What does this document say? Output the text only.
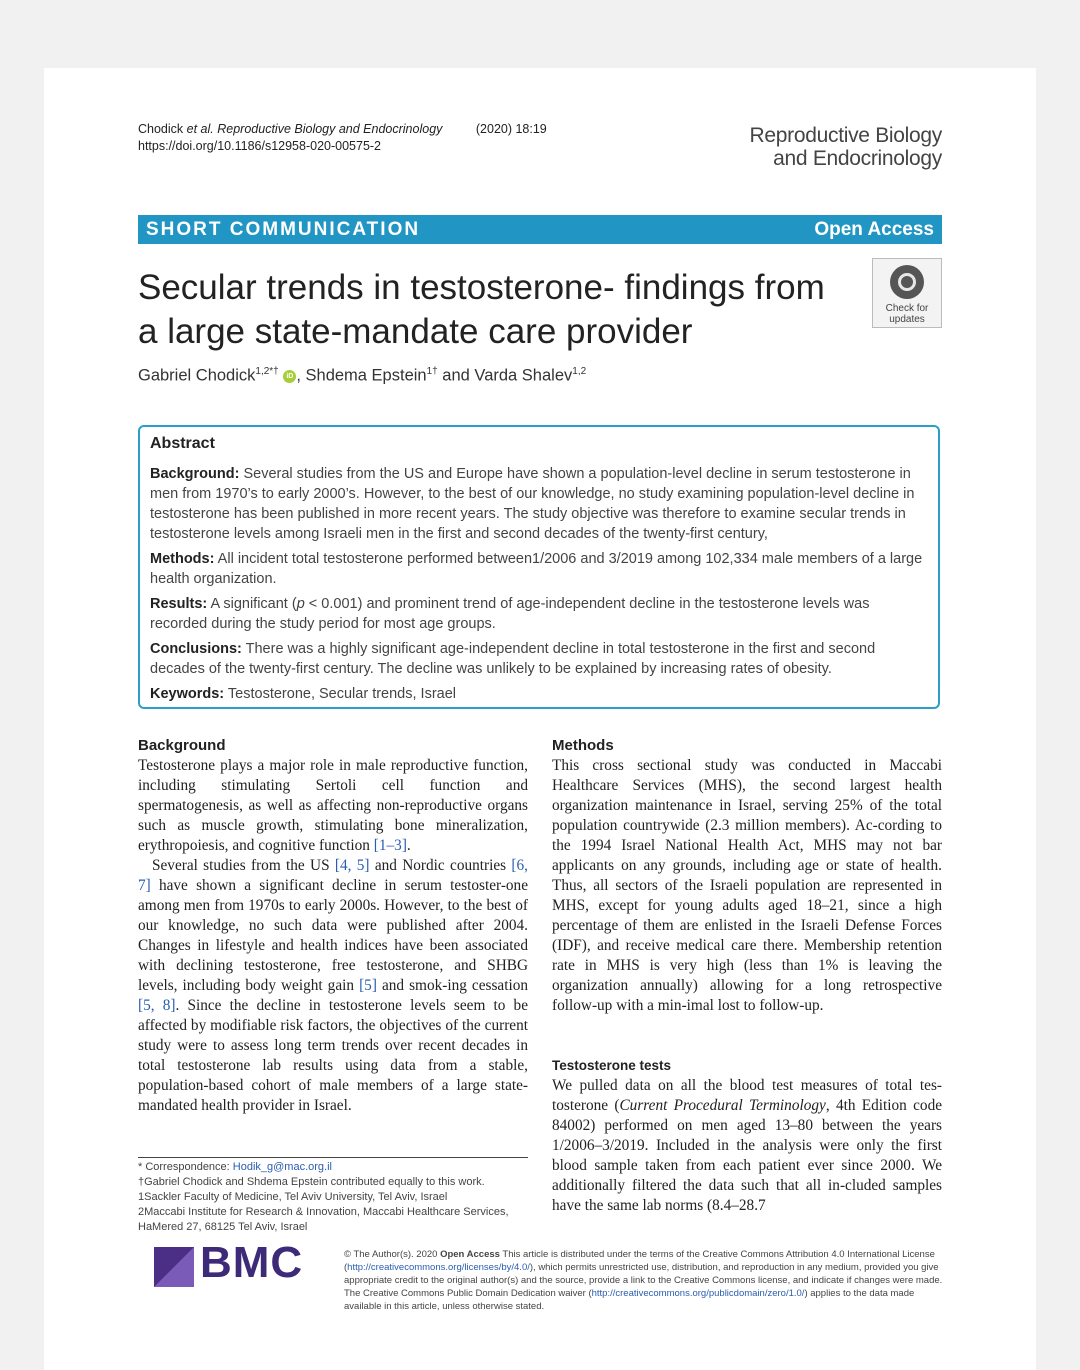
Chodick et al. Reproductive Biology and Endocrinology	(2020) 18:19
https://doi.org/10.1186/s12958-020-00575-2	Reproductive Biology
and Endocrinology
SHORT COMMUNICATION	Open Access
Secular trends in testosterone- findings from a large state-mandate care provider
Check for
updates
Gabriel Chodick$^{1,2*\dagger}$ iD , Shdema Epstein$^{1\dagger}$ and Varda Shalev$^{1,2}$
Abstract

Background: Several studies from the US and Europe have shown a population-level decline in serum testosterone in men from 1970’s to early 2000’s. However, to the best of our knowledge, no study examining population-level decline in testosterone has been published in more recent years. The study objective was therefore to examine secular trends in testosterone levels among Israeli men in the first and second decades of the twenty-first century,

Methods: All incident total testosterone performed between1/2006 and 3/2019 among 102,334 male members of a large health organization.

Results: A significant (p < 0.001) and prominent trend of age-independent decline in the testosterone levels was recorded during the study period for most age groups.

Conclusions: There was a highly significant age-independent decline in total testosterone in the first and second decades of the twenty-first century. The decline was unlikely to be explained by increasing rates of obesity.

Keywords: Testosterone, Secular trends, Israel

Background

Testosterone plays a major role in male reproductive function, including stimulating Sertoli cell function and spermatogenesis, as well as affecting non-reproductive organs such as muscle growth, stimulating bone mineralization, erythropoiesis, and cognitive function [1–3].

Several studies from the US [4, 5] and Nordic countries [6, 7] have shown a significant decline in serum testoster-one among men from 1970s to early 2000s. However, to the best of our knowledge, no such data were published after 2004. Changes in lifestyle and health indices have been associated with declining testosterone, free testosterone, and SHBG levels, including body weight gain [5] and smok-ing cessation [5, 8]. Since the decline in testosterone levels seem to be affected by modifiable risk factors, the objectives of the current study were to assess long term trends over recent decades in total testosterone lab results using data from a stable, population-based cohort of male members of a large state-mandated health provider in Israel.

Methods

This cross sectional study was conducted in Maccabi Healthcare Services (MHS), the second largest health organization maintenance in Israel, serving 25% of the total population countrywide (2.3 million members). Ac-cording to the 1994 Israel National Health Act, MHS may not bar applicants on any grounds, including age or state of health. Thus, all sectors of the Israeli population are represented in MHS, except for young adults aged 18–21, since a high percentage of them are enlisted in the Israeli Defense Forces (IDF), and receive medical care there. Membership retention rate in MHS is very high (less than 1% is leaving the organization annually) allowing for a long retrospective follow-up with a min-imal lost to follow-up.

Testosterone tests

We pulled data on all the blood test measures of total tes-tosterone (Current Procedural Terminology, 4th Edition code 84002) performed on men aged 13–80 between the years 1/2006–3/2019. Included in the analysis were only the first blood sample taken from each patient ever since 2000. We additionally filtered the data such that all in-cluded samples have the same lab norms (8.4–28.7

* Correspondence: Hodik_g@mac.org.il
†Gabriel Chodick and Shdema Epstein contributed equally to this work.
1Sackler Faculty of Medicine, Tel Aviv University, Tel Aviv, Israel
2Maccabi Institute for Research & Innovation, Maccabi Healthcare Services, HaMered 27, 68125 Tel Aviv, Israel
BMC	© The Author(s). 2020 Open Access This article is distributed under the terms of the Creative Commons Attribution 4.0 International License (http://creativecommons.org/licenses/by/4.0/), which permits unrestricted use, distribution, and reproduction in any medium, provided you give appropriate credit to the original author(s) and the source, provide a link to the Creative Commons license, and indicate if changes were made. The Creative Commons Public Domain Dedication waiver (http://creativecommons.org/publicdomain/zero/1.0/) applies to the data made available in this article, unless otherwise stated.
